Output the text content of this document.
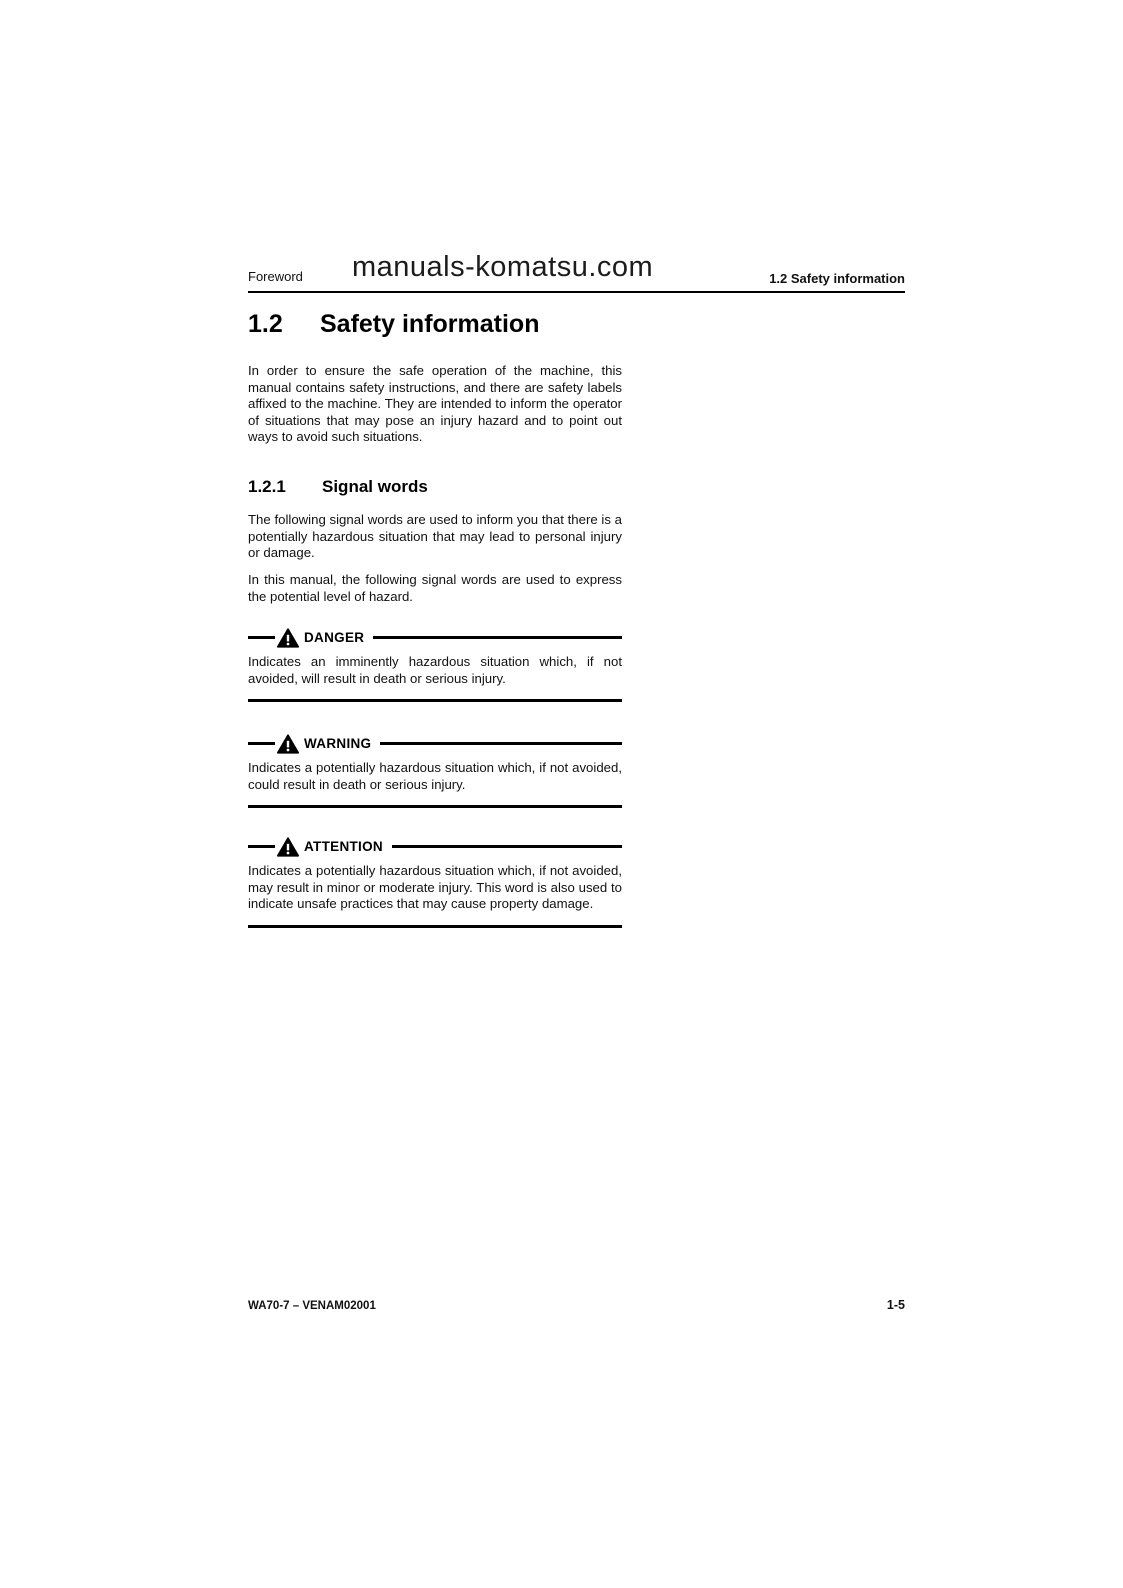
Foreword manuals-komatsu.com	1.2 Safety information
1.2	Safety information

In order to ensure the safe operation of the machine, this manual contains safety instructions, and there are safety labels affixed to the machine. They are intended to inform the operator of situations that may pose an injury hazard and to point out ways to avoid such situations.

1.2.1	Signal words

The following signal words are used to inform you that there is a potentially hazardous situation that may lead to personal injury or damage.

In this manual, the following signal words are used to express the potential level of hazard.

DANGER

Indicates an imminently hazardous situation which, if not avoided, will result in death or serious injury.

WARNING

Indicates a potentially hazardous situation which, if not avoided, could result in death or serious injury.

ATTENTION

Indicates a potentially hazardous situation which, if not avoided, may result in minor or moderate injury. This word is also used to indicate unsafe practices that may cause property damage.

WA70-7 – VENAM02001	1-5
